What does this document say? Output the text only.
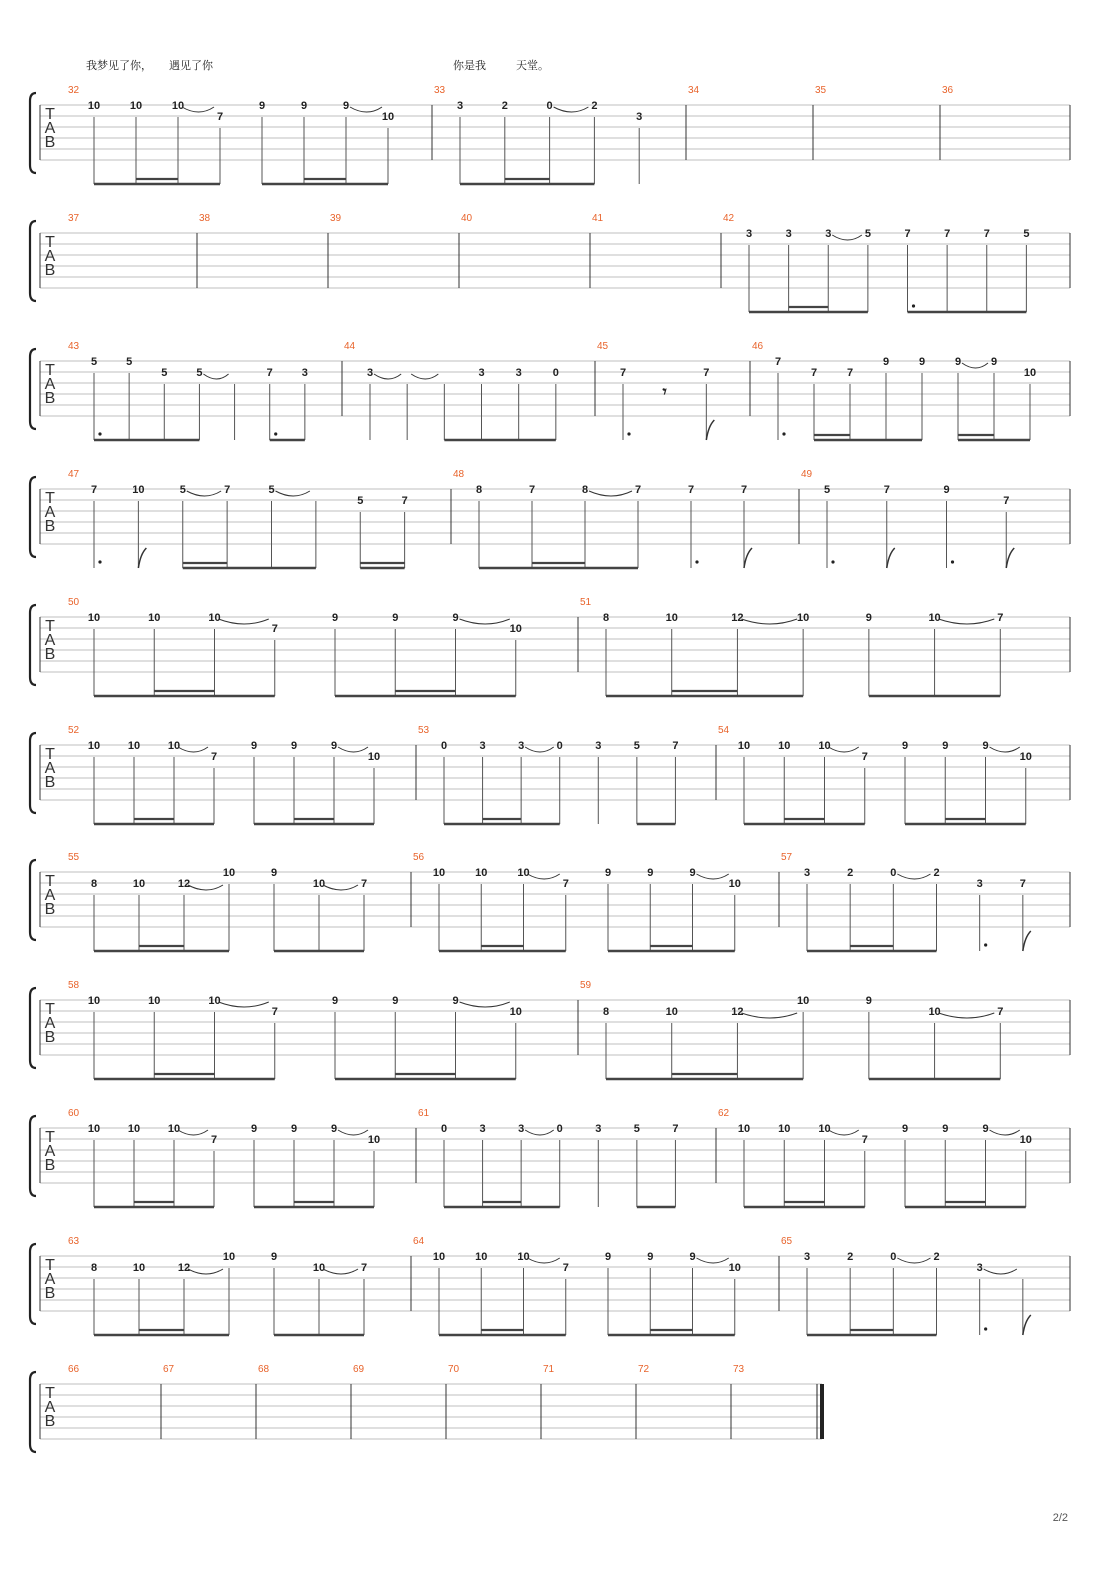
我梦见了你， 遇见了你	你是我	天堂。
T
A
B
32
10	10	10
7
9	9	9
10
33
3	2	0	2
3
34	35	36
T
A
B
37	38	39	40	41	42
3	3	3	5	7	7	7	5
T
A
B
43
5	5
5	5	7	3
44
3	3	3	0
45
7
𝄾
7
46
7
7	7
9	9	9	9
10
T
A
B
47
7	10	5	7	5
5	7
48
8	7	8	7	7	7
49
5	7	9
7
T
A
B
50
10	10	10
7
9	9	9
10
51
8	10	12	10	9	10	7
T
A
B
52
10	10	10
7
9	9	9
10
53
0	3	3	0	3	5	7
54
10	10	10
7
9	9	9
10
T
A
B
55
8	10	12
10	9
10	7
56
10	10	10
7
9	9	9
10
57
3	2	0	2
3	7
T
A
B
58
10	10	10
7
9	9	9
10
59
8	10	12
10	9
10	7
T
A
B
60
10	10	10
7
9	9	9
10
61
0	3	3	0	3	5	7
62
10	10	10
7
9	9	9
10
T
A
B
63
8	10	12
10	9
10	7
64
10	10	10
7
9	9	9
10
65
3	2	0	2
3
T
A
B
66	67	68	69	70	71	72	73
2/2
